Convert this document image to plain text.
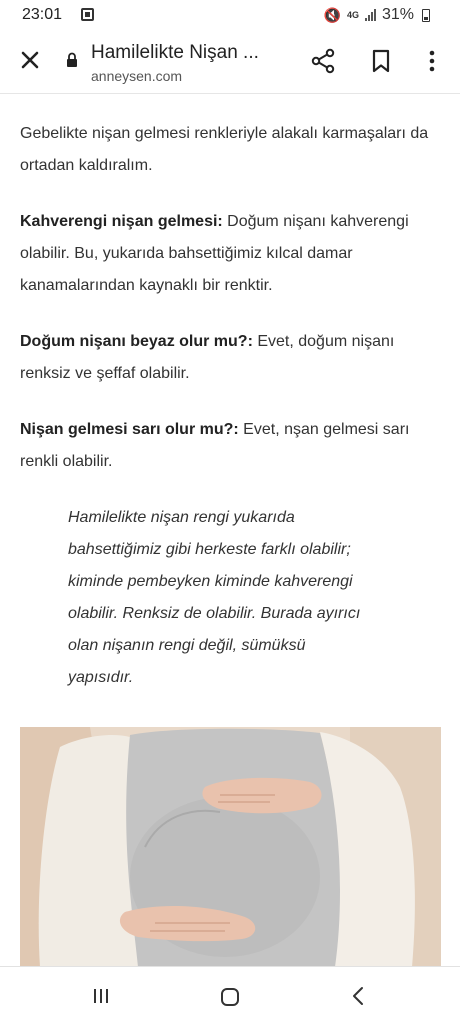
23:01	🔇 4G 31%
Hamilelikte Nişan ...
anneysen.com

Gebelikte nişan gelmesi renkleriyle alakalı karmaşaları da ortadan kaldıralım.

Kahverengi nişan gelmesi: Doğum nişanı kahverengi olabilir. Bu, yukarıda bahsettiğimiz kılcal damar kanamalarından kaynaklı bir renktir.

Doğum nişanı beyaz olur mu?: Evet, doğum nişanı renksiz ve şeffaf olabilir.

Nişan gelmesi sarı olur mu?: Evet, nşan gelmesi sarı renkli olabilir.

Hamilelikte nişan rengi yukarıda
bahsettiğimiz gibi herkeste farklı olabilir;
kiminde pembeyken kiminde kahverengi
olabilir. Renksiz de olabilir. Burada ayırıcı
olan nişanın rengi değil, sümüksü
yapısıdır.
